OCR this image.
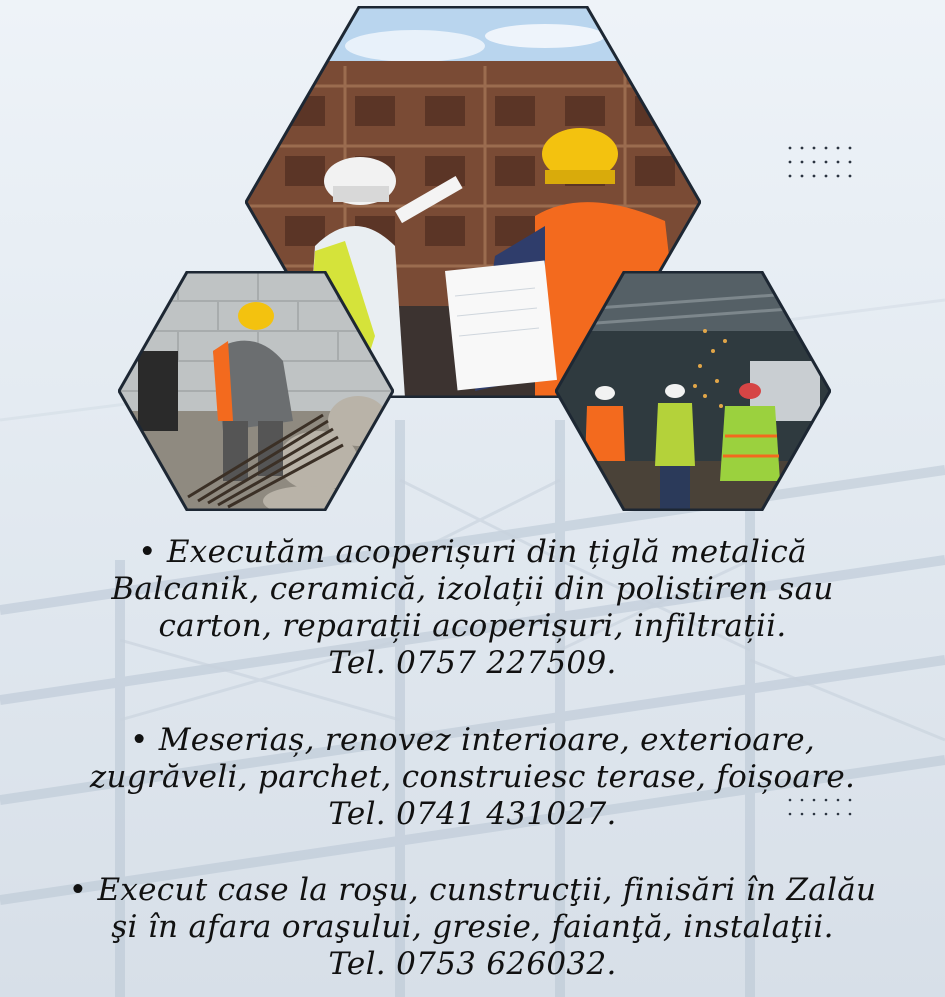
• Executăm acoperișuri din țiglă metalică

Balcanik, ceramică, izolații din polistiren sau

carton, reparații acoperișuri, infiltrații.

Tel. 0757 227509.

• Meseriaș, renovez interioare, exterioare,

zugrăveli, parchet, construiesc terase, foișoare.

Tel. 0741 431027.

• Execut case la roşu, cunstrucţii, finisări în Zalău

şi în afara oraşului, gresie, faianţă, instalaţii.

Tel. 0753 626032.
